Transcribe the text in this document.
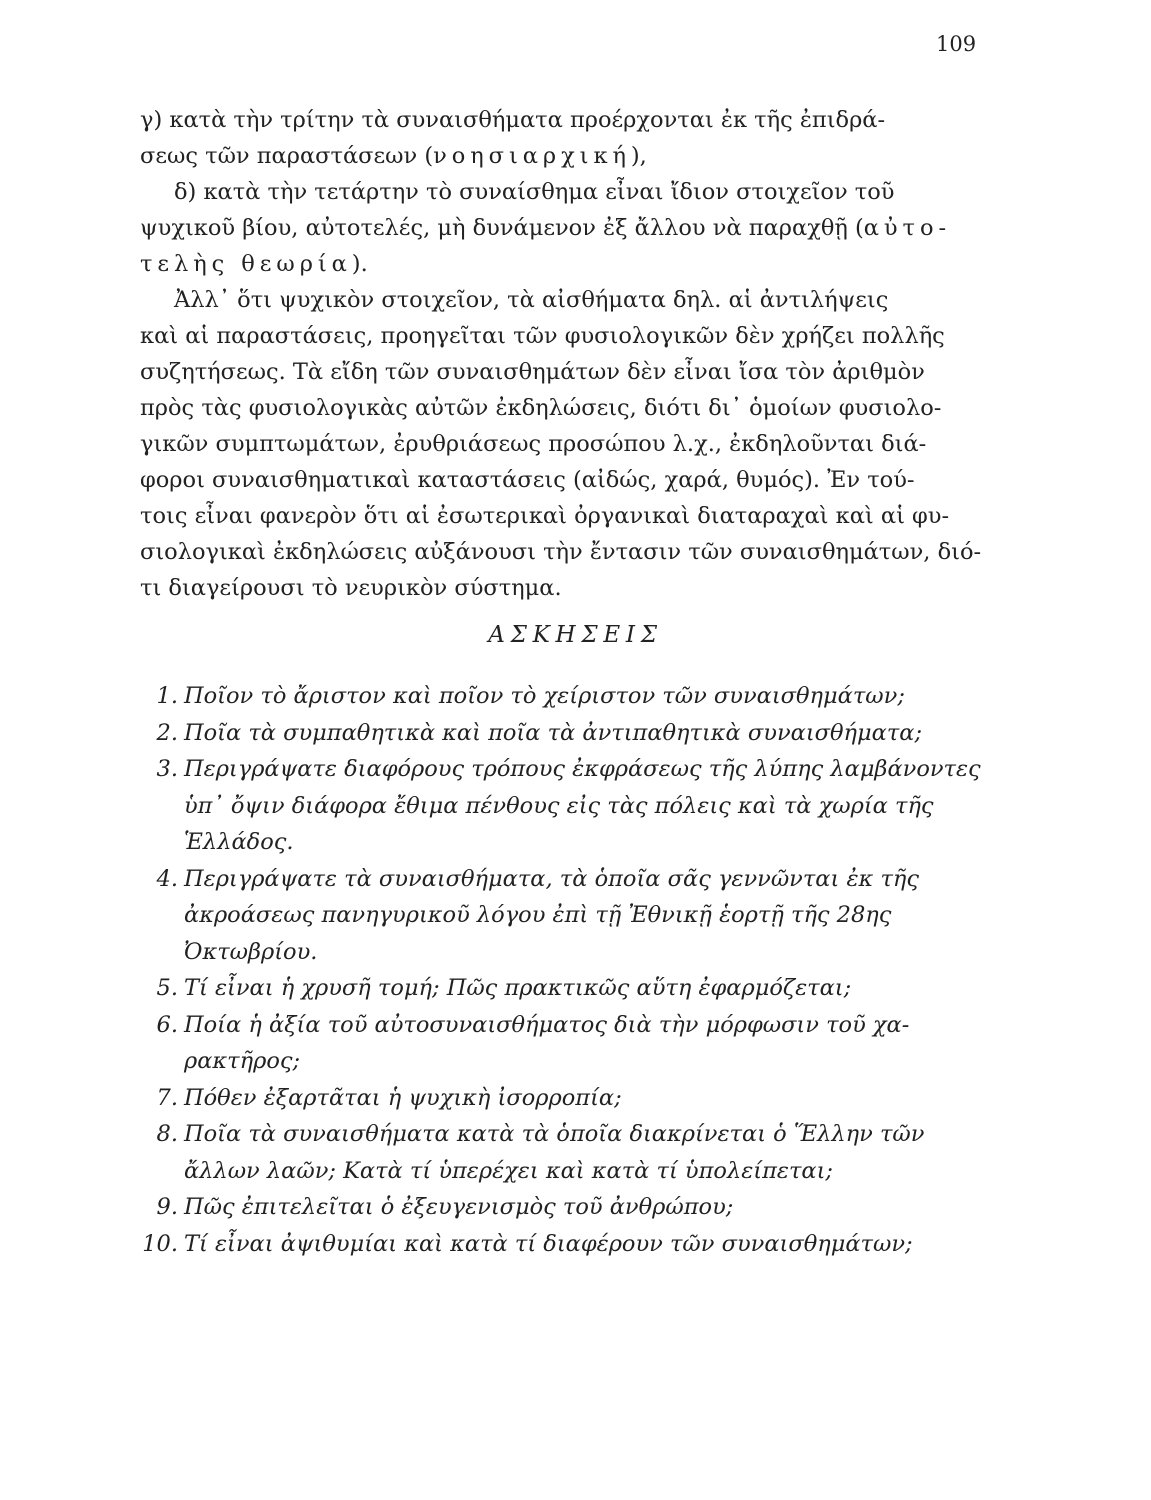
109
γ) κατὰ τὴν τρίτην τὰ συναισθήματα προέρχονται ἐκ τῆς ἐπιδρά-
σεως τῶν παραστάσεων (νοησιαρχική),
δ) κατὰ τὴν τετάρτην τὸ συναίσθημα εἶναι ἴδιον στοιχεῖον τοῦ
ψυχικοῦ βίου, αὐτοτελές, μὴ δυνάμενον ἐξ ἄλλου νὰ παραχθῇ (αὐτο-
τελὴς θεωρία).
Ἀλλ᾽ ὅτι ψυχικὸν στοιχεῖον, τὰ αἰσθήματα δηλ. αἱ ἀντιλήψεις
καὶ αἱ παραστάσεις, προηγεῖται τῶν φυσιολογικῶν δὲν χρήζει πολλῆς
συζητήσεως. Τὰ εἴδη τῶν συναισθημάτων δὲν εἶναι ἴσα τὸν ἀριθμὸν
πρὸς τὰς φυσιολογικὰς αὐτῶν ἐκδηλώσεις, διότι δι᾽ ὁμοίων φυσιολο-
γικῶν συμπτωμάτων, ἐρυθριάσεως προσώπου λ.χ., ἐκδηλοῦνται διά-
φοροι συναισθηματικαὶ καταστάσεις (αἰδώς, χαρά, θυμός). Ἐν τού-
τοις εἶναι φανερὸν ὅτι αἱ ἐσωτερικαὶ ὀργανικαὶ διαταραχαὶ καὶ αἱ φυ-
σιολογικαὶ ἐκδηλώσεις αὐξάνουσι τὴν ἔντασιν τῶν συναισθημάτων, διό-
τι διαγείρουσι τὸ νευρικὸν σύστημα.
ΑΣΚΗΣΕΙΣ
1. Ποῖον τὸ ἄριστον καὶ ποῖον τὸ χείριστον τῶν συναισθημάτων;
2. Ποῖα τὰ συμπαθητικὰ καὶ ποῖα τὰ ἀντιπαθητικὰ συναισθήματα;
3. Περιγράψατε διαφόρους τρόπους ἐκφράσεως τῆς λύπης λαμβάνοντες
ὑπ᾽ ὄψιν διάφορα ἔθιμα πένθους εἰς τὰς πόλεις καὶ τὰ χωρία τῆς
Ἑλλάδος.
4. Περιγράψατε τὰ συναισθήματα, τὰ ὁποῖα σᾶς γεννῶνται ἐκ τῆς
ἀκροάσεως πανηγυρικοῦ λόγου ἐπὶ τῇ Ἐθνικῇ ἑορτῇ τῆς 28ης
Ὀκτωβρίου.
5. Τί εἶναι ἡ χρυσῆ τομή; Πῶς πρακτικῶς αὕτη ἐφαρμόζεται;
6. Ποία ἡ ἀξία τοῦ αὐτοσυναισθήματος διὰ τὴν μόρφωσιν τοῦ χα-
ρακτῆρος;
7. Πόθεν ἐξαρτᾶται ἡ ψυχικὴ ἰσορροπία;
8. Ποῖα τὰ συναισθήματα κατὰ τὰ ὁποῖα διακρίνεται ὁ Ἕλλην τῶν
ἄλλων λαῶν; Κατὰ τί ὑπερέχει καὶ κατὰ τί ὑπολείπεται;
9. Πῶς ἐπιτελεῖται ὁ ἐξευγενισμὸς τοῦ ἀνθρώπου;
10. Τί εἶναι ἀψιθυμίαι καὶ κατὰ τί διαφέρουν τῶν συναισθημάτων;
